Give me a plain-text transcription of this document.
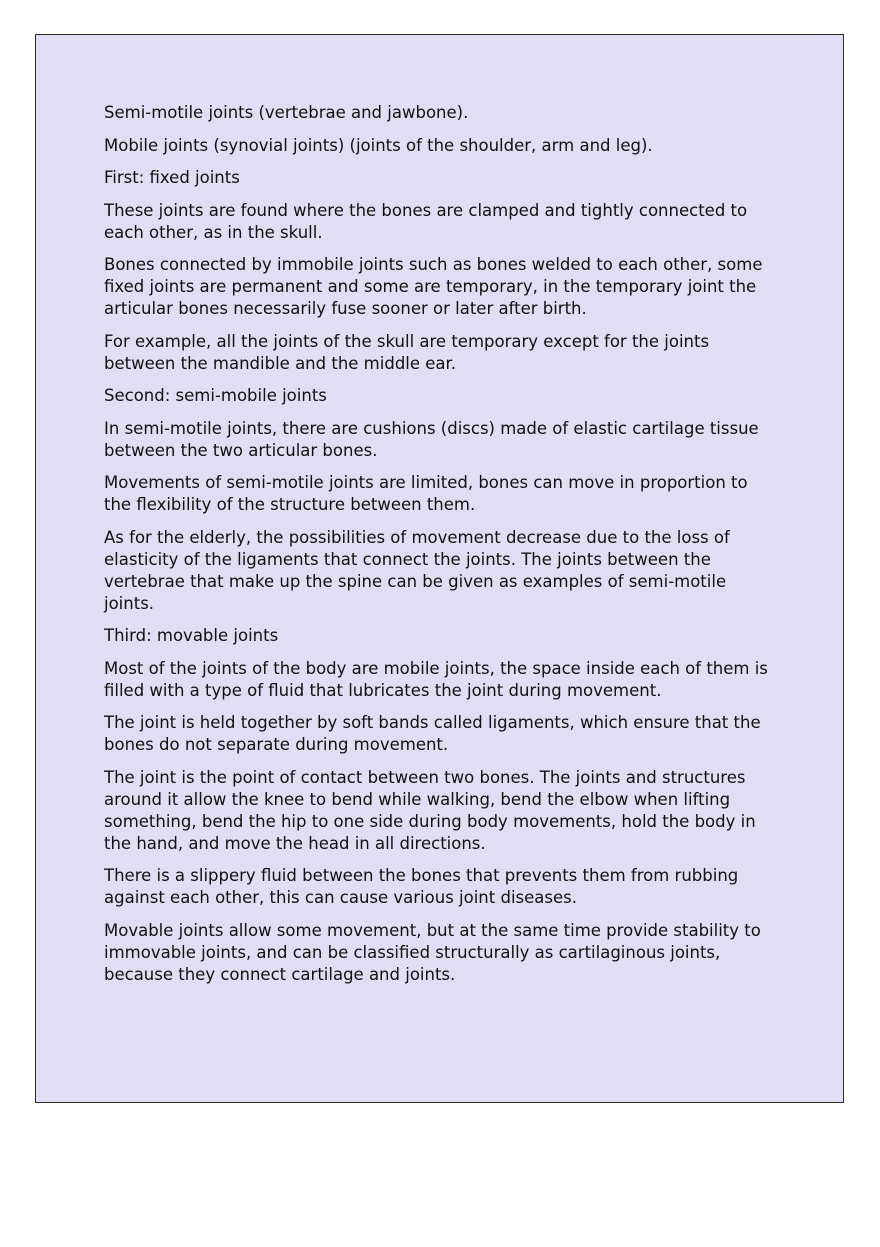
Semi-motile joints (vertebrae and jawbone).

Mobile joints (synovial joints) (joints of the shoulder, arm and leg).

First: fixed joints

These joints are found where the bones are clamped and tightly connected to each other, as in the skull.

Bones connected by immobile joints such as bones welded to each other, some fixed joints are permanent and some are temporary, in the temporary joint the articular bones necessarily fuse sooner or later after birth.

For example, all the joints of the skull are temporary except for the joints between the mandible and the middle ear.

Second: semi-mobile joints

In semi-motile joints, there are cushions (discs) made of elastic cartilage tissue between the two articular bones.

Movements of semi-motile joints are limited, bones can move in proportion to the flexibility of the structure between them.

As for the elderly, the possibilities of movement decrease due to the loss of elasticity of the ligaments that connect the joints. The joints between the vertebrae that make up the spine can be given as examples of semi-motile joints.

Third: movable joints

Most of the joints of the body are mobile joints, the space inside each of them is filled with a type of fluid that lubricates the joint during movement.

The joint is held together by soft bands called ligaments, which ensure that the bones do not separate during movement.

The joint is the point of contact between two bones. The joints and structures around it allow the knee to bend while walking, bend the elbow when lifting something, bend the hip to one side during body movements, hold the body in the hand, and move the head in all directions.

There is a slippery fluid between the bones that prevents them from rubbing against each other, this can cause various joint diseases.

Movable joints allow some movement, but at the same time provide stability to immovable joints, and can be classified structurally as cartilaginous joints, because they connect cartilage and joints.
